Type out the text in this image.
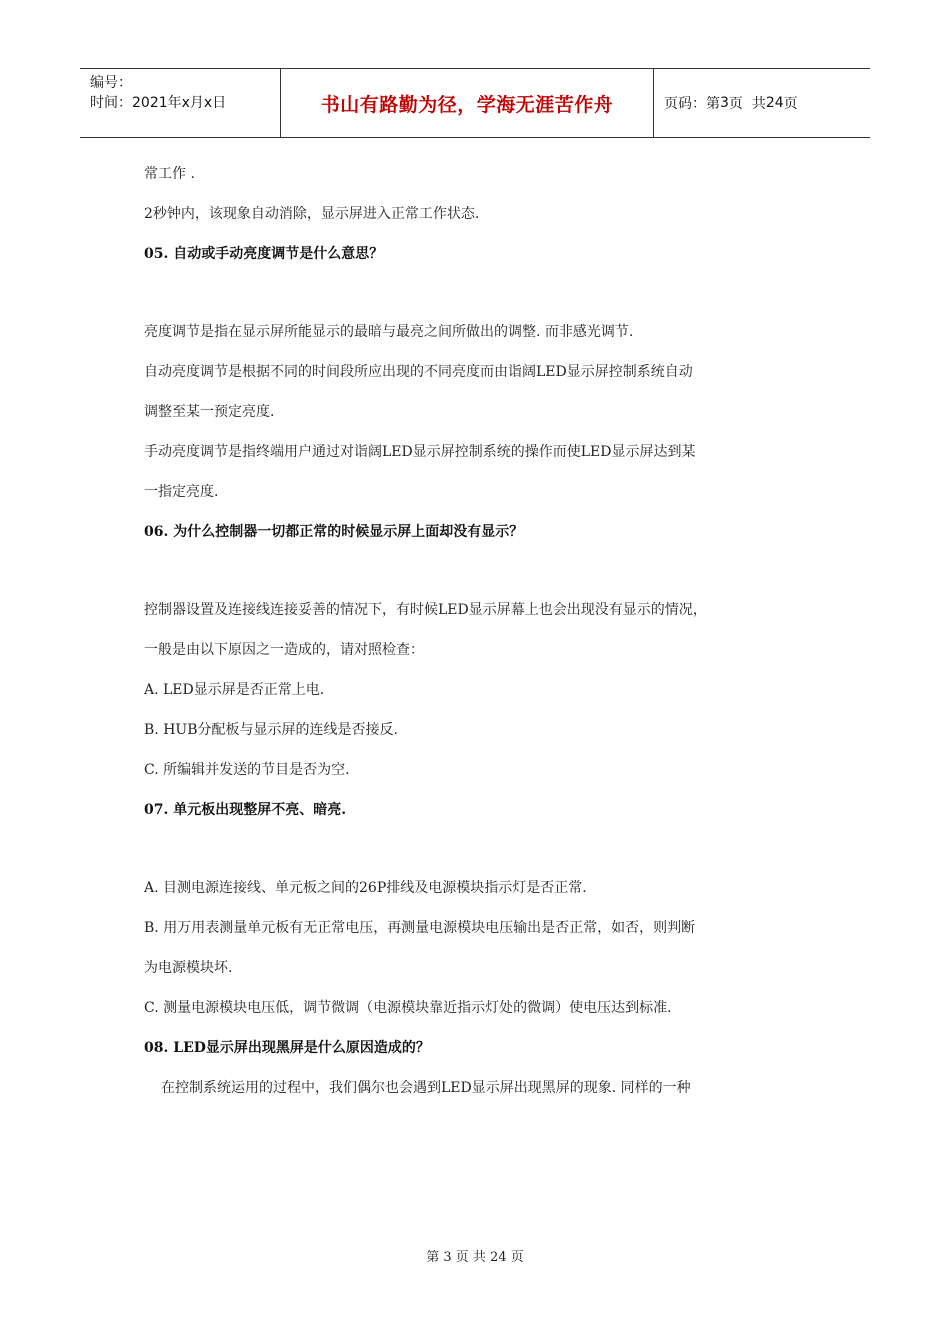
编号：
时间：2021年x月x日	书山有路勤为径，学海无涯苦作舟	页码：第 3 页  共 24 页
常工作 .
2秒钟内，该现象自动消除，显示屏进入正常工作状态.
05. 自动或手动亮度调节是什么意思？
亮度调节是指在显示屏所能显示的最暗与最亮之间所做出的调整. 而非感光调节.
自动亮度调节是根据不同的时间段所应出现的不同亮度而由诣阔LED显示屏控制系统自动
调整至某一预定亮度.
手动亮度调节是指终端用户通过对诣阔LED显示屏控制系统的操作而使LED显示屏达到某
一指定亮度.
06. 为什么控制器一切都正常的时候显示屏上面却没有显示？
控制器设置及连接线连接妥善的情况下，有时候LED显示屏幕上也会出现没有显示的情况，
一般是由以下原因之一造成的，请对照检查：
A. LED显示屏是否正常上电.
B. HUB分配板与显示屏的连线是否接反.
C. 所编辑并发送的节目是否为空.
07. 单元板出现整屏不亮、暗亮.
A. 目测电源连接线、单元板之间的26P排线及电源模块指示灯是否正常.
B. 用万用表测量单元板有无正常电压，再测量电源模块电压输出是否正常，如否，则判断
为电源模块坏.
C. 测量电源模块电压低，调节微调（电源模块靠近指示灯处的微调）使电压达到标准.
08. LED显示屏出现黑屏是什么原因造成的？
在控制系统运用的过程中，我们偶尔也会遇到LED显示屏出现黑屏的现象. 同样的一种
第 3 页 共 24 页
